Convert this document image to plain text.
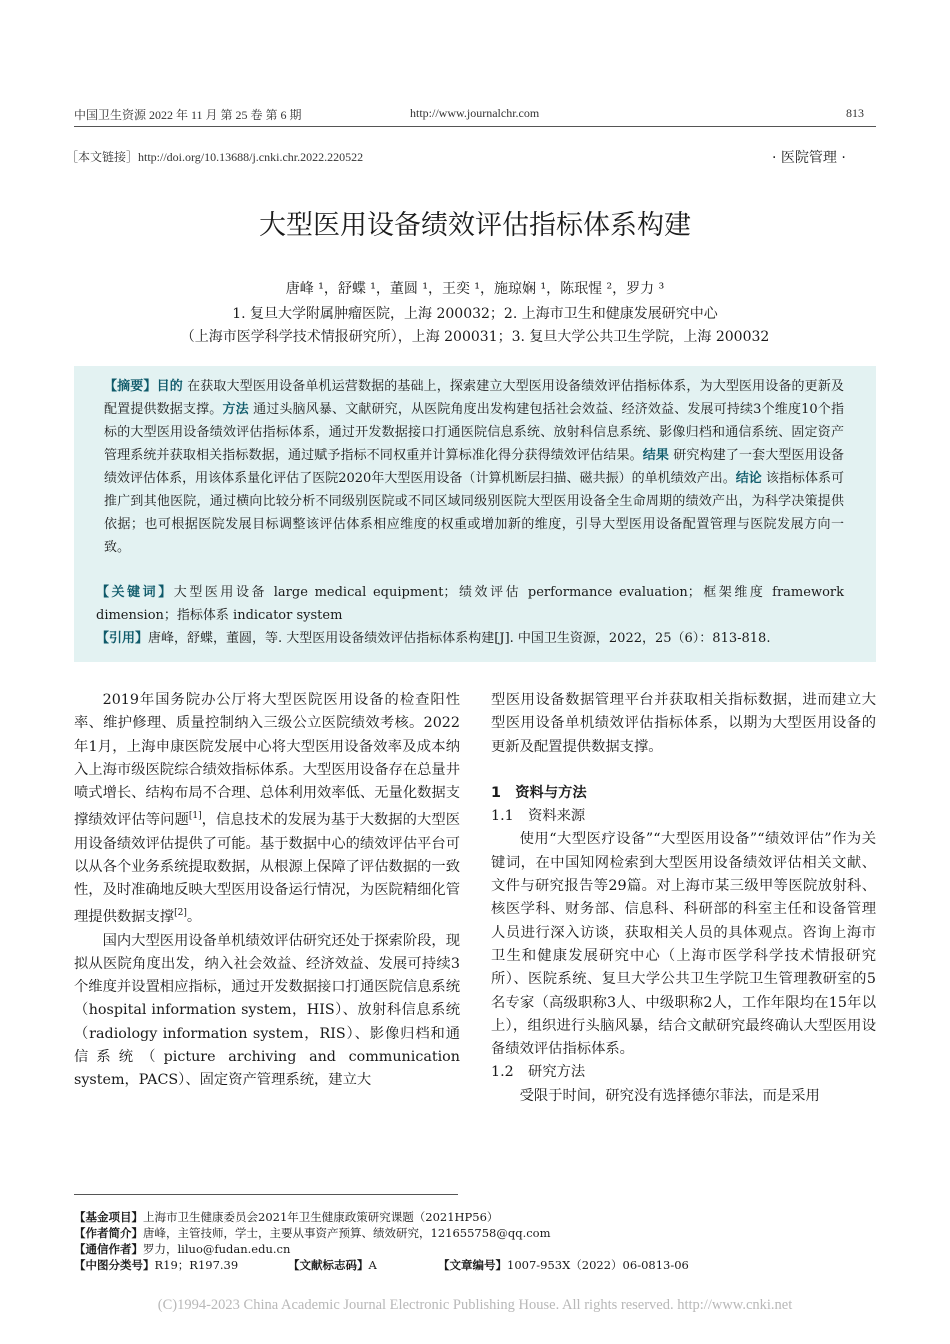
中国卫生资源 2022 年 11 月 第 25 卷 第 6 期	http://www.journalchr.com	813
［本文链接］http://doi.org/10.13688/j.cnki.chr.2022.220522	· 医院管理 ·
大型医用设备绩效评估指标体系构建
唐峰 ¹，舒蝶 ¹，董圆 ¹，王奕 ¹，施琼娴 ¹，陈珉惺 ²，罗力 ³
1. 复旦大学附属肿瘤医院，上海 200032；2. 上海市卫生和健康发展研究中心
（上海市医学科学技术情报研究所），上海 200031；3. 复旦大学公共卫生学院，上海 200032
【摘要】目的 在获取大型医用设备单机运营数据的基础上，探索建立大型医用设备绩效评估指标体系，为大型医用设备的更新及配置提供数据支撑。方法 通过头脑风暴、文献研究，从医院角度出发构建包括社会效益、经济效益、发展可持续3个维度10个指标的大型医用设备绩效评估指标体系，通过开发数据接口打通医院信息系统、放射科信息系统、影像归档和通信系统、固定资产管理系统并获取相关指标数据，通过赋予指标不同权重并计算标准化得分获得绩效评估结果。结果 研究构建了一套大型医用设备绩效评估体系，用该体系量化评估了医院2020年大型医用设备（计算机断层扫描、磁共振）的单机绩效产出。结论 该指标体系可推广到其他医院，通过横向比较分析不同级别医院或不同区域同级别医院大型医用设备全生命周期的绩效产出，为科学决策提供依据；也可根据医院发展目标调整该评估体系相应维度的权重或增加新的维度，引导大型医用设备配置管理与医院发展方向一致。
【关键词】大型医用设备 large medical equipment；绩效评估 performance evaluation；框架维度 framework dimension；指标体系 indicator system
【引用】唐峰，舒蝶，董圆，等. 大型医用设备绩效评估指标体系构建[J]. 中国卫生资源，2022，25（6）：813-818.

2019年国务院办公厅将大型医院医用设备的检查阳性率、维护修理、质量控制纳入三级公立医院绩效考核。2022年1月，上海申康医院发展中心将大型医用设备效率及成本纳入上海市级医院综合绩效指标体系。大型医用设备存在总量井喷式增长、结构布局不合理、总体利用效率低、无量化数据支撑绩效评估等问题[1]，信息技术的发展为基于大数据的大型医用设备绩效评估提供了可能。基于数据中心的绩效评估平台可以从各个业务系统提取数据，从根源上保障了评估数据的一致性，及时准确地反映大型医用设备运行情况，为医院精细化管理提供数据支撑[2]。

国内大型医用设备单机绩效评估研究还处于探索阶段，现拟从医院角度出发，纳入社会效益、经济效益、发展可持续3个维度并设置相应指标，通过开发数据接口打通医院信息系统（hospital information system，HIS）、放射科信息系统（radiology information system，RIS）、影像归档和通信系统（picture archiving and communication system，PACS）、固定资产管理系统，建立大

型医用设备数据管理平台并获取相关指标数据，进而建立大型医用设备单机绩效评估指标体系，以期为大型医用设备的更新及配置提供数据支撑。

1　资料与方法
1.1　资料来源

使用“大型医疗设备”“大型医用设备”“绩效评估”作为关键词，在中国知网检索到大型医用设备绩效评估相关文献、文件与研究报告等29篇。对上海市某三级甲等医院放射科、核医学科、财务部、信息科、科研部的科室主任和设备管理人员进行深入访谈，获取相关人员的具体观点。咨询上海市卫生和健康发展研究中心（上海市医学科学技术情报研究所）、医院系统、复旦大学公共卫生学院卫生管理教研室的5名专家（高级职称3人、中级职称2人，工作年限均在15年以上），组织进行头脑风暴，结合文献研究最终确认大型医用设备绩效评估指标体系。

1.2　研究方法

受限于时间，研究没有选择德尔菲法，而是采用

【基金项目】上海市卫生健康委员会2021年卫生健康政策研究课题（2021HP56）
【作者简介】唐峰，主管技师，学士，主要从事资产预算、绩效研究，121655758@qq.com
【通信作者】罗力，liluo@fudan.edu.cn
【中图分类号】R19；R197.39	【文献标志码】A	【文章编号】1007-953X（2022）06-0813-06
(C)1994-2023 China Academic Journal Electronic Publishing House. All rights reserved. http://www.cnki.net
